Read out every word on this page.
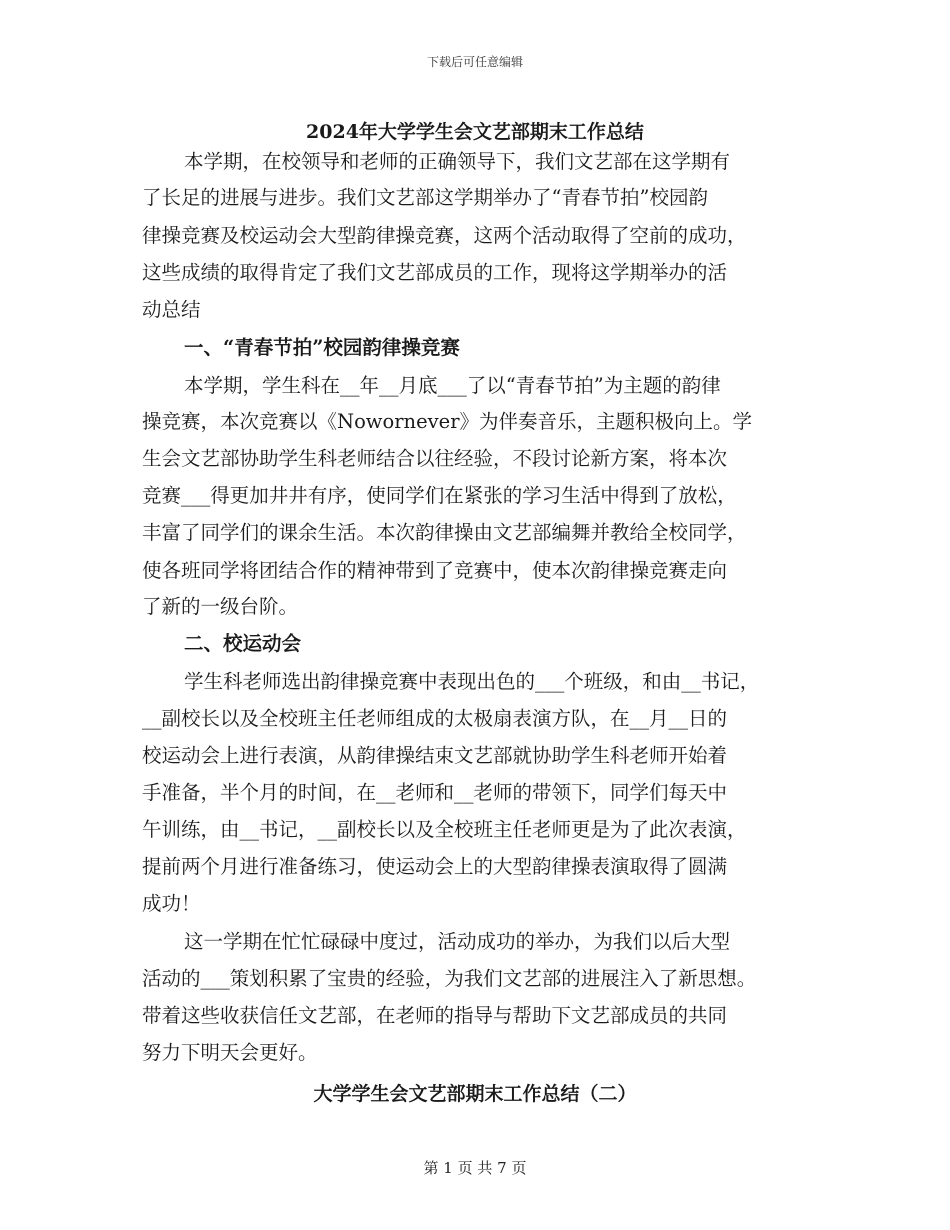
下载后可任意编辑
2024年大学学生会文艺部期末工作总结
本学期，在校领导和老师的正确领导下，我们文艺部在这学期有
了长足的进展与进步。我们文艺部这学期举办了“青春节拍”校园韵
律操竞赛及校运动会大型韵律操竞赛，这两个活动取得了空前的成功，
这些成绩的取得肯定了我们文艺部成员的工作，现将这学期举办的活
动总结
一、“青春节拍”校园韵律操竞赛
本学期，学生科在__年__月底___了以“青春节拍”为主题的韵律
操竞赛，本次竞赛以《Nowornever》为伴奏音乐，主题积极向上。学
生会文艺部协助学生科老师结合以往经验，不段讨论新方案，将本次
竞赛___得更加井井有序，使同学们在紧张的学习生活中得到了放松，
丰富了同学们的课余生活。本次韵律操由文艺部编舞并教给全校同学，
使各班同学将团结合作的精神带到了竞赛中，使本次韵律操竞赛走向
了新的一级台阶。
二、校运动会
学生科老师选出韵律操竞赛中表现出色的___个班级，和由__书记，
__副校长以及全校班主任老师组成的太极扇表演方队，在__月__日的
校运动会上进行表演，从韵律操结束文艺部就协助学生科老师开始着
手准备，半个月的时间，在__老师和__老师的带领下，同学们每天中
午训练，由__书记，__副校长以及全校班主任老师更是为了此次表演，
提前两个月进行准备练习，使运动会上的大型韵律操表演取得了圆满
成功！
这一学期在忙忙碌碌中度过，活动成功的举办，为我们以后大型
活动的___策划积累了宝贵的经验，为我们文艺部的进展注入了新思想。
带着这些收获信任文艺部，在老师的指导与帮助下文艺部成员的共同
努力下明天会更好。
大学学生会文艺部期末工作总结（二）
第 1 页 共 7 页
